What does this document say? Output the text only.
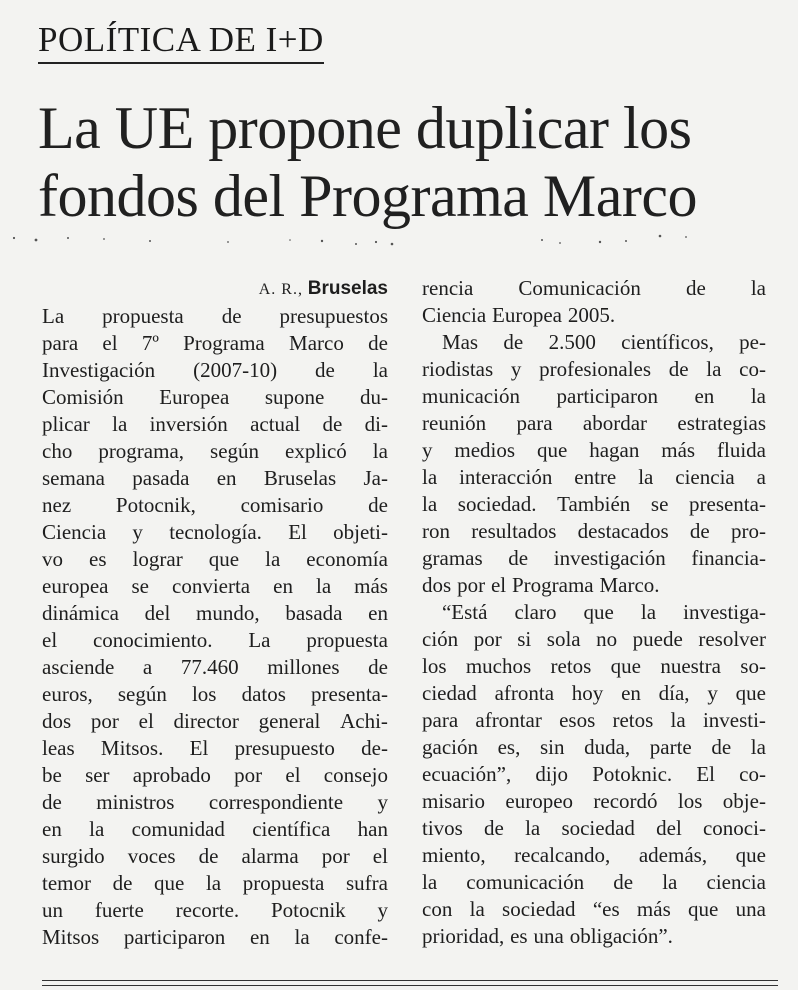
POLÍTICA DE I+D
La UE propone duplicar los
fondos del Programa Marco
A. R., Bruselas
La propuesta de presupuestos
para el 7º Programa Marco de
Investigación (2007-10) de la
Comisión Europea supone du-
plicar la inversión actual de di-
cho programa, según explicó la
semana pasada en Bruselas Ja-
nez Potocnik, comisario de
Ciencia y tecnología. El objeti-
vo es lograr que la economía
europea se convierta en la más
dinámica del mundo, basada en
el conocimiento. La propuesta
asciende a 77.460 millones de
euros, según los datos presenta-
dos por el director general Achi-
leas Mitsos. El presupuesto de-
be ser aprobado por el consejo
de ministros correspondiente y
en la comunidad científica han
surgido voces de alarma por el
temor de que la propuesta sufra
un fuerte recorte. Potocnik y
Mitsos participaron en la confe-
rencia Comunicación de la
Ciencia Europea 2005.
Mas de 2.500 científicos, pe-
riodistas y profesionales de la co-
municación participaron en la
reunión para abordar estrategias
y medios que hagan más fluida
la interacción entre la ciencia a
la sociedad. También se presenta-
ron resultados destacados de pro-
gramas de investigación financia-
dos por el Programa Marco.
“Está claro que la investiga-
ción por si sola no puede resolver
los muchos retos que nuestra so-
ciedad afronta hoy en día, y que
para afrontar esos retos la investi-
gación es, sin duda, parte de la
ecuación”, dijo Potoknic. El co-
misario europeo recordó los obje-
tivos de la sociedad del conoci-
miento, recalcando, además, que
la comunicación de la ciencia
con la sociedad “es más que una
prioridad, es una obligación”.
